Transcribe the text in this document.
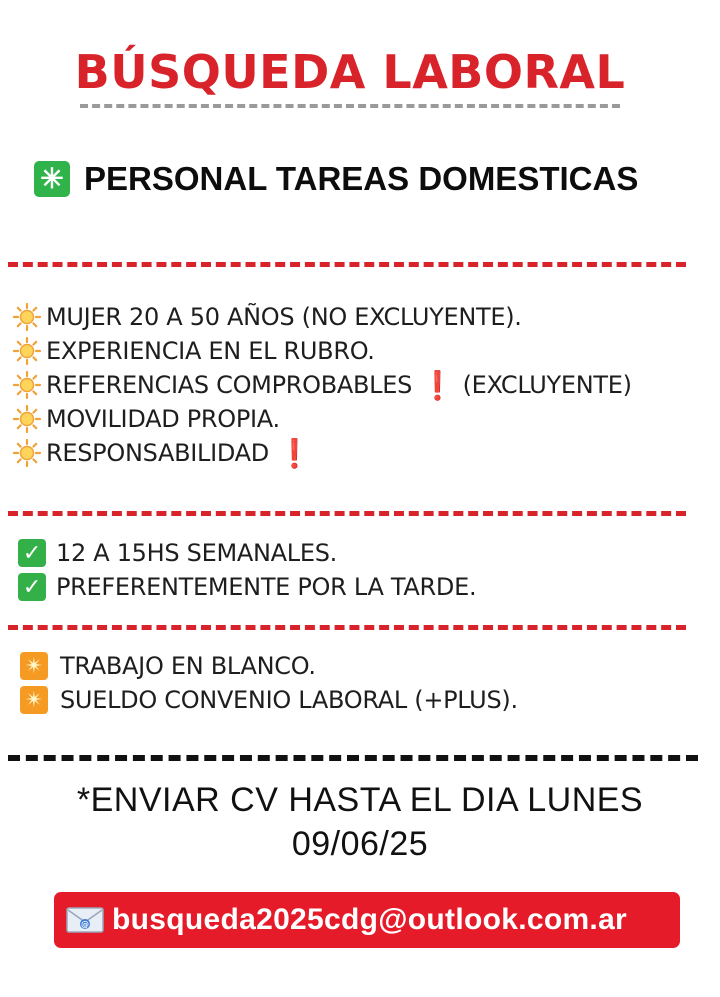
BÚSQUEDA LABORAL
✳ PERSONAL TAREAS DOMESTICAS
MUJER 20 A 50 AÑOS (NO EXCLUYENTE).
EXPERIENCIA EN EL RUBRO.
REFERENCIAS COMPROBABLES ❗ (EXCLUYENTE)
MOVILIDAD PROPIA.
RESPONSABILIDAD ❗
✓ 12 A 15HS SEMANALES.
✓ PREFERENTEMENTE POR LA TARDE.
✴ TRABAJO EN BLANCO.
✴ SUELDO CONVENIO LABORAL (+PLUS).
*ENVIAR CV HASTA EL DIA LUNES
09/06/25
@ busqueda2025cdg@outlook.com.ar
